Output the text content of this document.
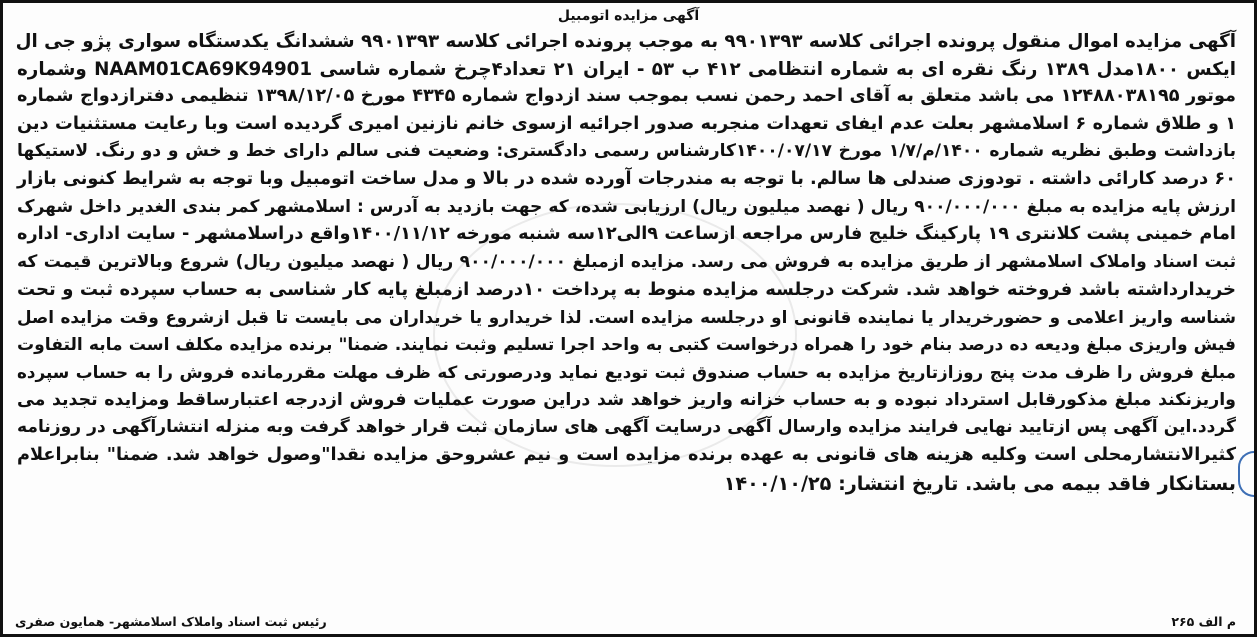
آگهی مزایده اتومبیل
آگهی مزایده اموال منقول پرونده اجرائی کلاسه ۹۹۰۱۳۹۳ به موجب پرونده اجرائی کلاسه ۹۹۰۱۳۹۳ ششدانگ یکدستگاه سواری پژو جی ال
ایکس ۱۸۰۰مدل ۱۳۸۹ رنگ نقره ای به شماره انتظامی ۴۱۲ ب ۵۳ - ایران ۲۱ تعداد۴چرخ شماره شاسی NAAM01CA69K94901 وشماره
موتور ۱۲۴۸۸۰۳۸۱۹۵ می باشد متعلق به آقای احمد رحمن نسب بموجب سند ازدواج شماره ۴۳۴۵ مورخ ۱۳۹۸/۱۲/۰۵ تنظیمی دفترازدواج شماره
۱ و طلاق شماره ۶ اسلامشهر بعلت عدم ایفای تعهدات منجربه صدور اجرائیه ازسوی خانم نازنین امیری گردیده است وبا رعایت مستثنیات دین
بازداشت وطبق نظریه شماره ۱۴۰۰/م/۱/۷ مورخ ۱۴۰۰/۰۷/۱۷کارشناس رسمی دادگستری: وضعیت فنی سالم دارای خط و خش و دو رنگ. لاستیکها
۶۰ درصد کارائی داشته . تودوزی صندلی ها سالم. با توجه به مندرجات آورده شده در بالا و مدل ساخت اتومبیل وبا توجه به شرایط کنونی بازار
ارزش پایه مزایده به مبلغ ۹۰۰/۰۰۰/۰۰۰ ریال ( نهصد میلیون ریال) ارزیابی شده، که جهت بازدید به آدرس : اسلامشهر کمر بندی الغدیر داخل شهرک
امام خمینی پشت کلانتری ۱۹ پارکینگ خلیج فارس مراجعه ازساعت ۹الی۱۲سه شنبه مورخه ۱۴۰۰/۱۱/۱۲واقع دراسلامشهر - سایت اداری- اداره
ثبت اسناد واملاک اسلامشهر از طریق مزایده به فروش می رسد. مزایده ازمبلغ ۹۰۰/۰۰۰/۰۰۰ ریال ( نهصد میلیون ریال) شروع وبالاترین قیمت که
خریدارداشته باشد فروخته خواهد شد. شرکت درجلسه مزایده منوط به پرداخت ۱۰درصد ازمبلغ پایه کار شناسی به حساب سپرده ثبت و تحت
شناسه واریز اعلامی و حضورخریدار یا نماینده قانونی او درجلسه مزایده است. لذا خریدارو یا خریداران می بایست تا قبل ازشروع وقت مزایده اصل
فیش واریزی مبلغ ودیعه ده درصد بنام خود را همراه درخواست کتبی به واحد اجرا تسلیم وثبت نمایند. ضمنا" برنده مزایده مکلف است مابه التفاوت
مبلغ فروش را ظرف مدت پنج روزازتاریخ مزایده به حساب صندوق ثبت تودیع نماید ودرصورتی که ظرف مهلت مقررمانده فروش را به حساب سپرده
واریزنکند مبلغ مذکورقابل استرداد نبوده و به حساب خزانه واریز خواهد شد دراین صورت عملیات فروش ازدرجه اعتبارساقط ومزایده تجدید می
گردد.این آگهی پس ازتایید نهایی فرایند مزایده وارسال آگهی درسایت آگهی های سازمان ثبت قرار خواهد گرفت وبه منزله انتشارآگهی در روزنامه
کثیرالانتشارمحلی است وکلیه هزینه های قانونی به عهده برنده مزایده است و نیم عشروحق مزایده نقدا"وصول خواهد شد. ضمنا" بنابراعلام
بستانکار فاقد بیمه می باشد. تاریخ انتشار: ۱۴۰۰/۱۰/۲۵
م الف ۲۶۵
رئیس ثبت اسناد واملاک اسلامشهر- همایون صفری
